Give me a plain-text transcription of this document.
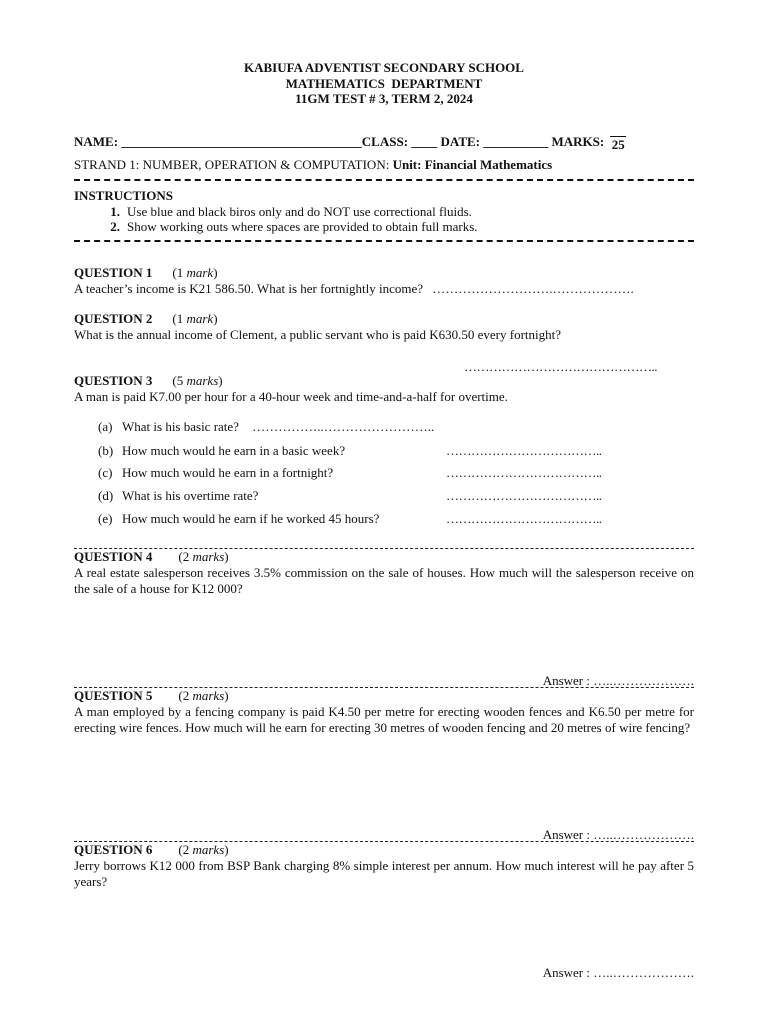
KABIUFA ADVENTIST SECONDARY SCHOOL
MATHEMATICS  DEPARTMENT
11GM TEST # 3, TERM 2, 2024
NAME: _____________________________________CLASS: ____ DATE: __________ MARKS: 25
STRAND 1: NUMBER, OPERATION & COMPUTATION: Unit: Financial Mathematics
INSTRUCTIONS
1. Use blue and black biros only and do NOT use correctional fluids.
2. Show working outs where spaces are provided to obtain full marks.
QUESTION 1 (1 mark)
A teacher’s income is K21 586.50. What is her fortnightly income? ……………………….……………….
QUESTION 2 (1 mark)
What is the annual income of Clement, a public servant who is paid K630.50 every fortnight?
………………………………………..
QUESTION 3 (5 marks)
A man is paid K7.00 per hour for a 40-hour week and time-and-a-half for overtime.
(a) What is his basic rate? ……………..……………………..
(b) How much would he earn in a basic week?	………………………………..
(c) How much would he earn in a fortnight?	………………………………..
(d) What is his overtime rate?	………………………………..
(e) How much would he earn if he worked 45 hours?	………………………………..
QUESTION 4 (2 marks)
A real estate salesperson receives 3.5% commission on the sale of houses. How much will the salesperson receive on the sale of a house for K12 000?
Answer : …..……………….
QUESTION 5 (2 marks)
A man employed by a fencing company is paid K4.50 per metre for erecting wooden fences and K6.50 per metre for erecting wire fences. How much will he earn for erecting 30 metres of wooden fencing and 20 metres of wire fencing?
Answer : …..……………….
QUESTION 6 (2 marks)
Jerry borrows K12 000 from BSP Bank charging 8% simple interest per annum. How much interest will he pay after 5 years?
Answer : …..……………….
